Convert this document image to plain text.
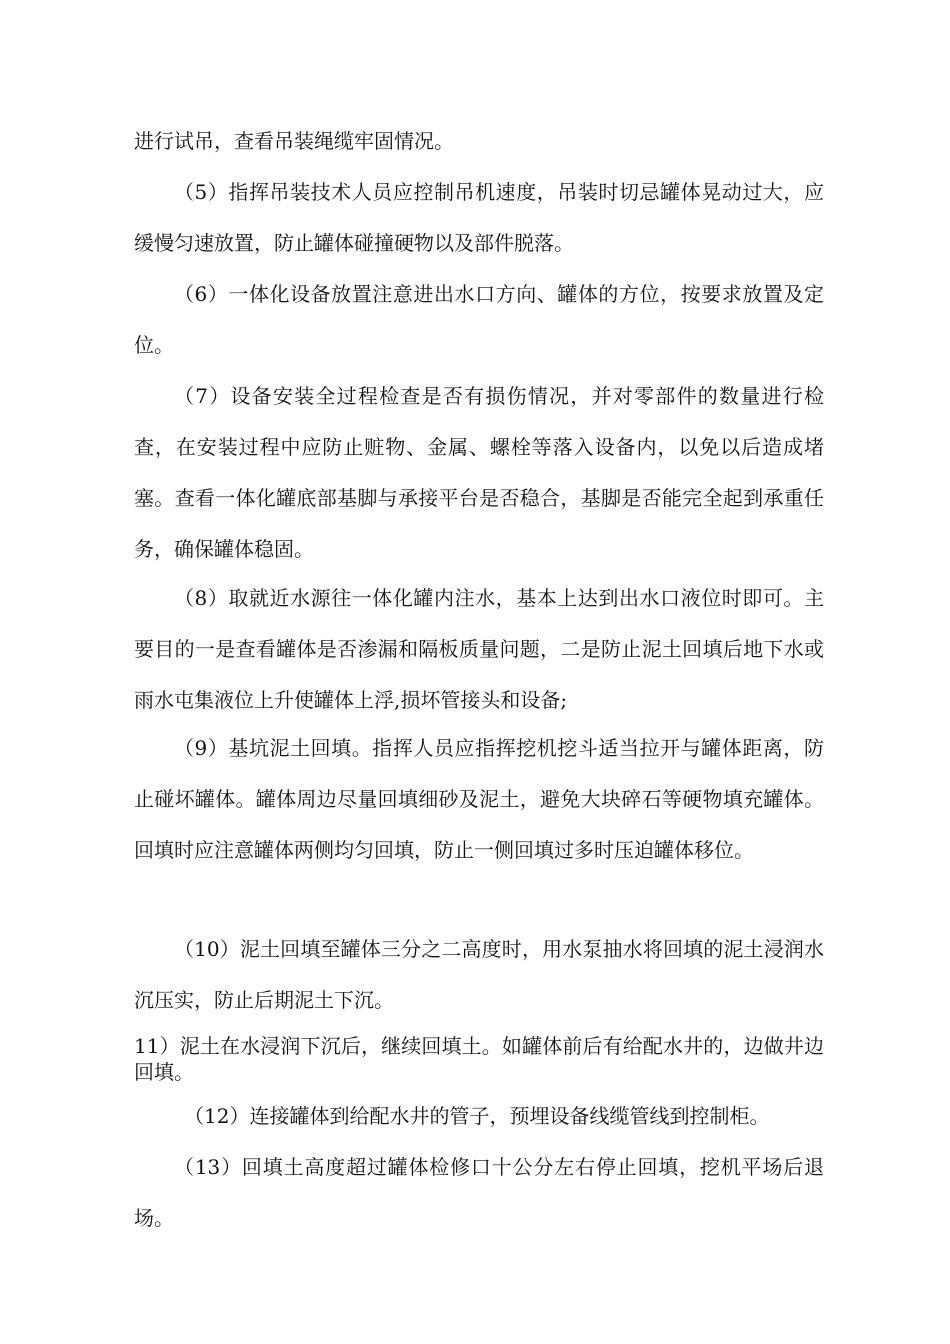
进行试吊，查看吊装绳缆牢固情况。

（5）指挥吊装技术人员应控制吊机速度，吊装时切忌罐体晃动过大，应缓慢匀速放置，防止罐体碰撞硬物以及部件脱落。

（6）一体化设备放置注意进出水口方向、罐体的方位，按要求放置及定位。

（7）设备安装全过程检查是否有损伤情况，并对零部件的数量进行检查，在安装过程中应防止赃物、金属、螺栓等落入设备内，以免以后造成堵塞。查看一体化罐底部基脚与承接平台是否稳合，基脚是否能完全起到承重任务，确保罐体稳固。

（8）取就近水源往一体化罐内注水，基本上达到出水口液位时即可。主要目的一是查看罐体是否渗漏和隔板质量问题，二是防止泥土回填后地下水或雨水屯集液位上升使罐体上浮,损坏管接头和设备;

（9）基坑泥土回填。指挥人员应指挥挖机挖斗适当拉开与罐体距离，防止碰坏罐体。罐体周边尽量回填细砂及泥土，避免大块碎石等硬物填充罐体。回填时应注意罐体两侧均匀回填，防止一侧回填过多时压迫罐体移位。

（10）泥土回填至罐体三分之二高度时，用水泵抽水将回填的泥土浸润水沉压实，防止后期泥土下沉。

11）泥土在水浸润下沉后，继续回填土。如罐体前后有给配水井的，边做井边回填。

（12）连接罐体到给配水井的管子，预埋设备线缆管线到控制柜。

（13）回填土高度超过罐体检修口十公分左右停止回填，挖机平场后退场。
